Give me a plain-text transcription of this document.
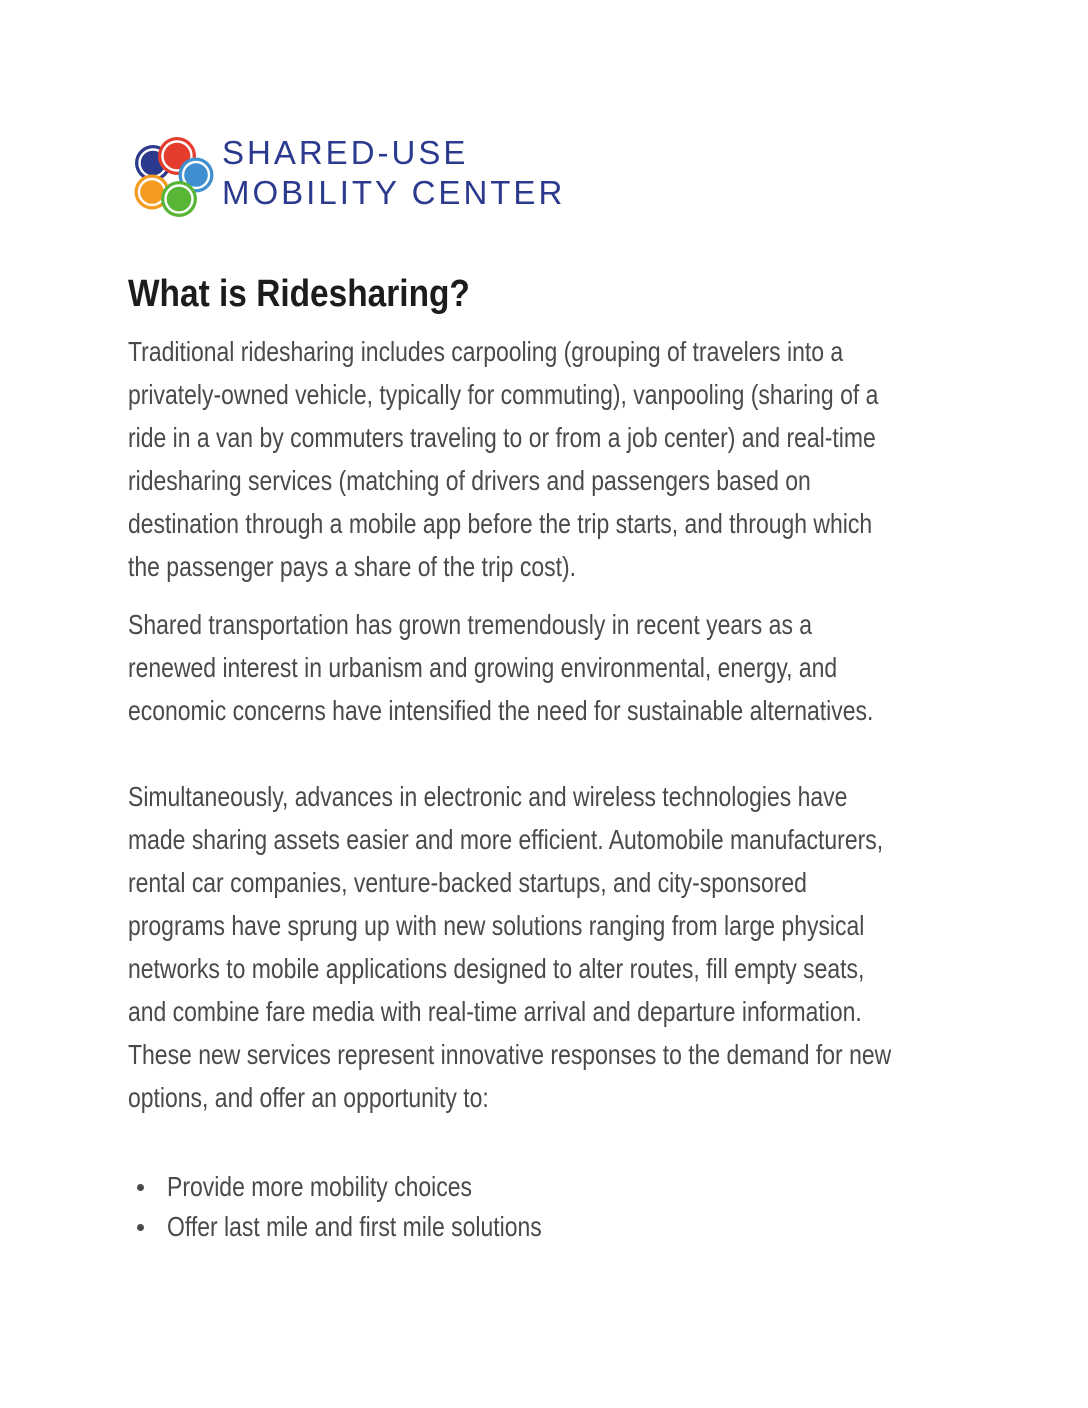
SHARED-USE
MOBILITY CENTER
What is Ridesharing?
Traditional ridesharing includes carpooling (grouping of travelers into a
privately-owned vehicle, typically for commuting), vanpooling (sharing of a
ride in a van by commuters traveling to or from a job center) and real-time
ridesharing services (matching of drivers and passengers based on
destination through a mobile app before the trip starts, and through which
the passenger pays a share of the trip cost).
Shared transportation has grown tremendously in recent years as a
renewed interest in urbanism and growing environmental, energy, and
economic concerns have intensified the need for sustainable alternatives.
Simultaneously, advances in electronic and wireless technologies have
made sharing assets easier and more efficient. Automobile manufacturers,
rental car companies, venture-backed startups, and city-sponsored
programs have sprung up with new solutions ranging from large physical
networks to mobile applications designed to alter routes, fill empty seats,
and combine fare media with real-time arrival and departure information.
These new services represent innovative responses to the demand for new
options, and offer an opportunity to:
Provide more mobility choices
Offer last mile and first mile solutions
